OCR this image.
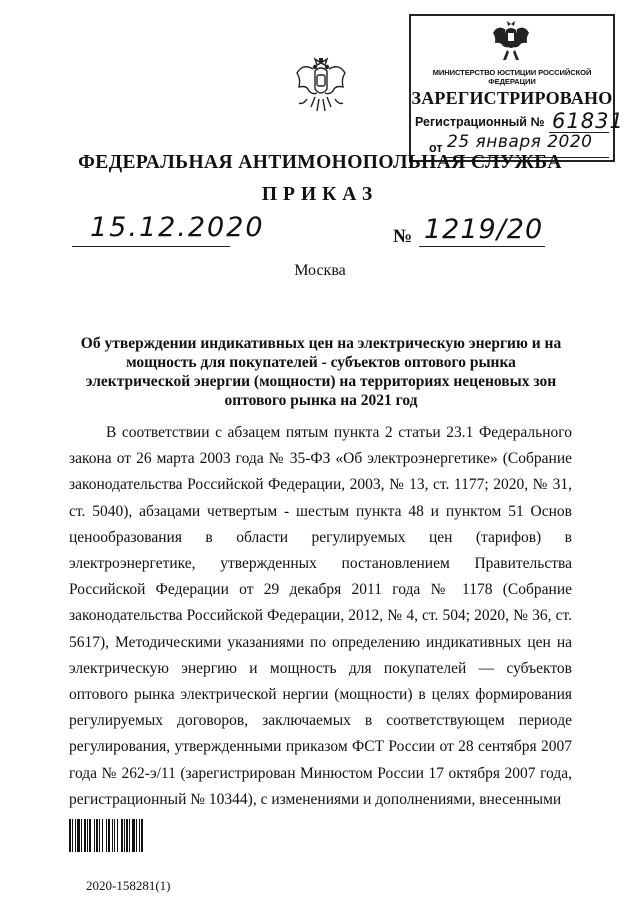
МИНИСТЕРСТВО ЮСТИЦИИ РОССИЙСКОЙ ФЕДЕРАЦИИ
ЗАРЕГИСТРИРОВАНО
Регистрационный № 61831
от 25 января 2020
ФЕДЕРАЛЬНАЯ АНТИМОНОПОЛЬНАЯ СЛУЖБА
ПРИКАЗ
15.12.2020	№ 1219/20
Москва
Об утверждении индикативных цен на электрическую энергию и на мощность для покупателей - субъектов оптового рынка электрической энергии (мощности) на территориях неценовых зон оптового рынка на 2021 год
В соответствии с абзацем пятым пункта 2 статьи 23.1 Федерального закона от 26 марта 2003 года № 35-ФЗ «Об электроэнергетике» (Собрание законодательства Российской Федерации, 2003, № 13, ст. 1177; 2020, № 31, ст. 5040), абзацами четвертым - шестым пункта 48 и пунктом 51 Основ ценообразования в области регулируемых цен (тарифов) в электроэнергетике, утвержденных постановлением Правительства Российской Федерации от 29 декабря 2011 года № 1178 (Собрание законодательства Российской Федерации, 2012, № 4, ст. 504; 2020, № 36, ст. 5617), Методическими указаниями по определению индикативных цен на электрическую энергию и мощность для покупателей — субъектов оптового рынка электрической нергии (мощности) в целях формирования регулируемых договоров, заключаемых в соответствующем периоде регулирования, утвержденными приказом ФСТ России от 28 сентября 2007 года № 262-э/11 (зарегистрирован Минюстом России 17 октября 2007 года, регистрационный № 10344), с изменениями и дополнениями, внесенными
2020-158281(1)
